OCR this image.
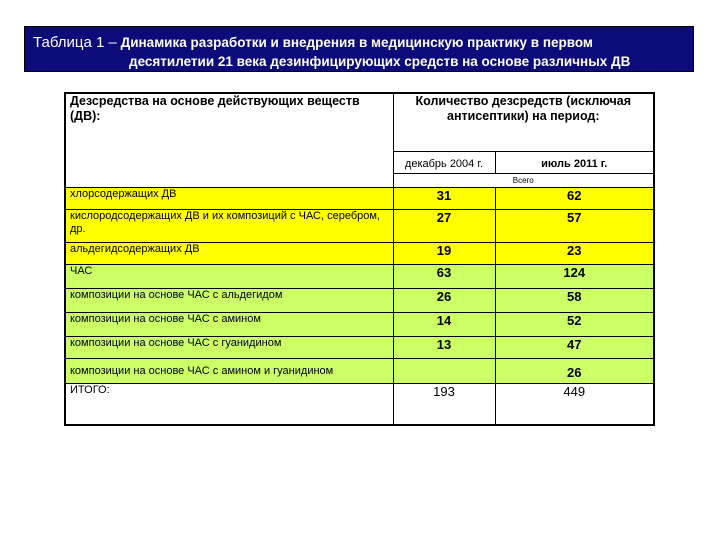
Таблица 1 – Динамика разработки и внедрения в медицинскую практику в первом
десятилетии 21 века дезинфицирующих средств на основе различных ДВ
Дезсредства на основе действующих веществ (ДВ):	Количество дезсредств (исключая антисептики) на период:	
	декабрь 2004 г.	июль 2011 г.
	Всего	
хлорсодержащих ДВ	31	62
кислородсодержащих ДВ и их композиций с ЧАС, серебром, др.	27	57
альдегидсодержащих ДВ	19	23
ЧАС	63	124
композиции на основе ЧАС с альдегидом	26	58
композиции на основе ЧАС с амином	14	52
композиции на основе ЧАС с гуанидином	13	47
композиции на основе ЧАС с амином и гуанидином		26
ИТОГО:	193	449
